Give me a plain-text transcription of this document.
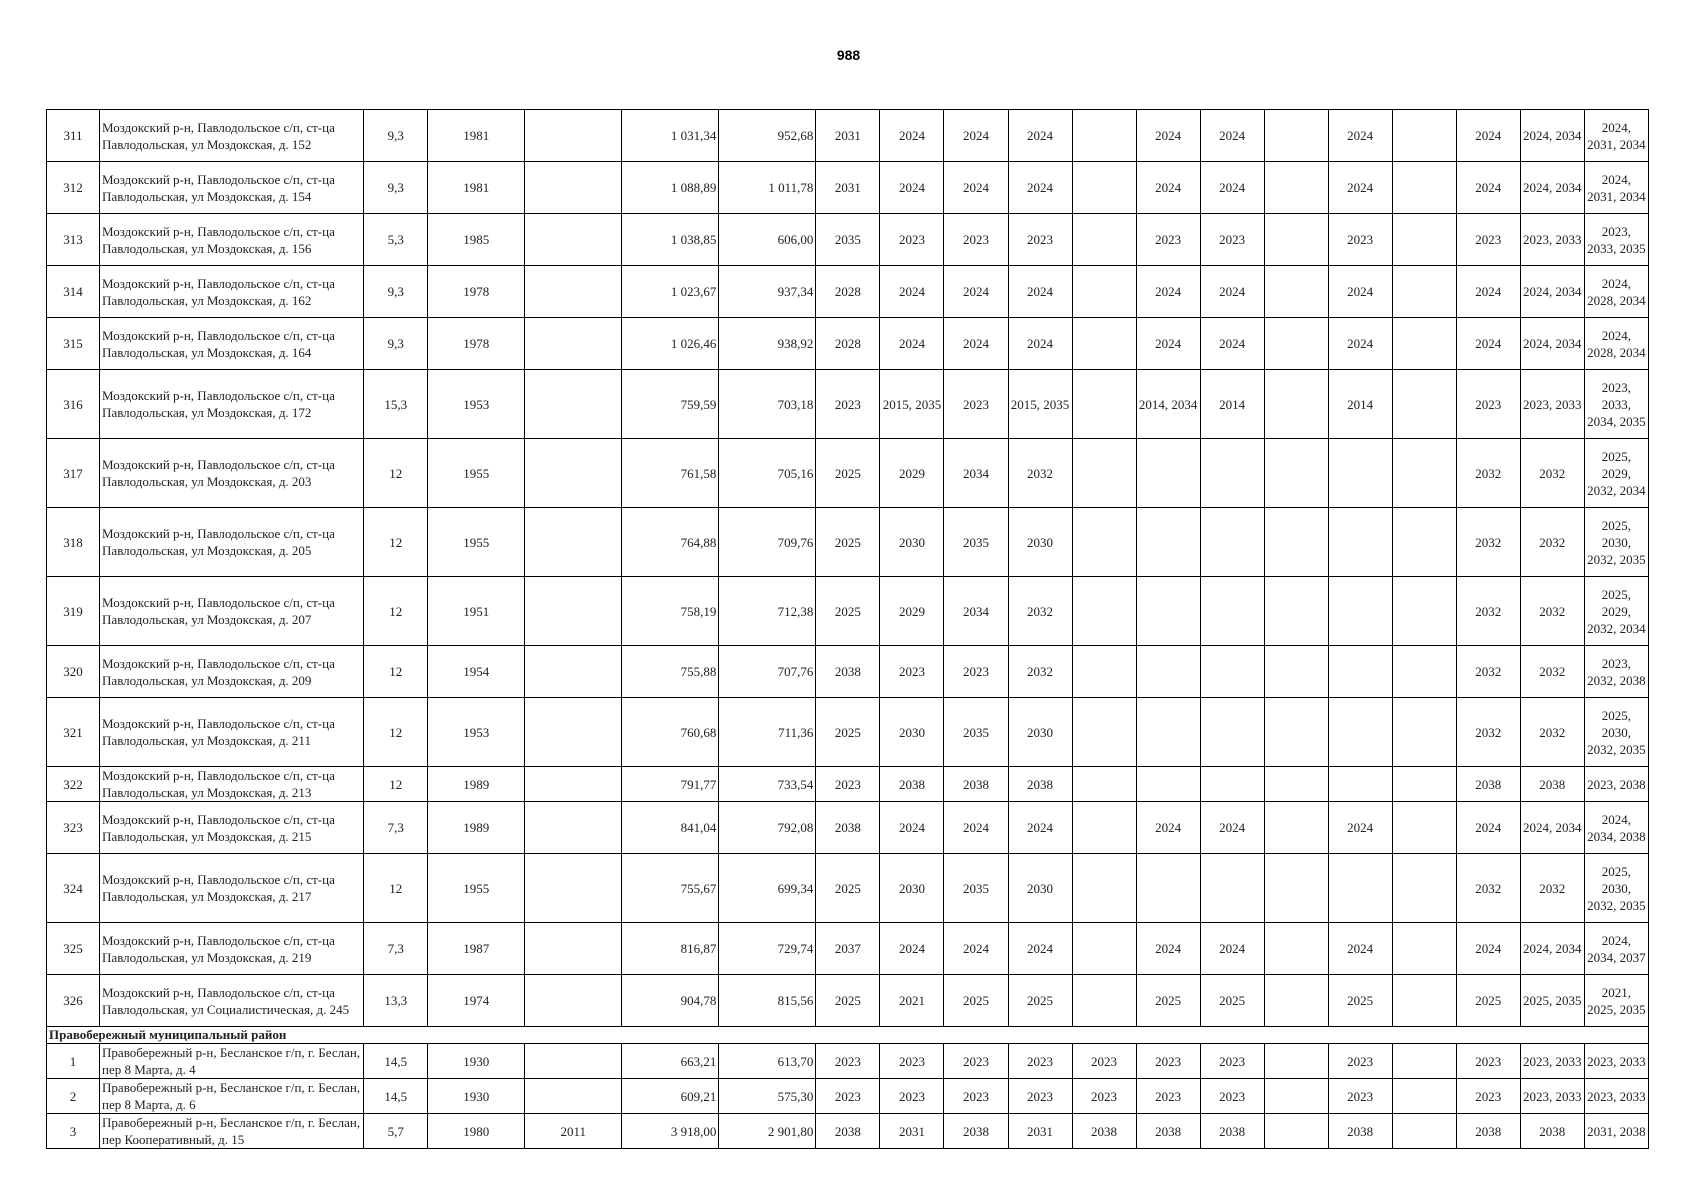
988
311	Моздокский р-н, Павлодольское с/п, ст-ца Павлодольская, ул Моздокская, д. 152	9,3	1981		1 031,34	952,68	2031	2024	2024	2024		2024	2024		2024		2024	2024, 2034	2024, 2031, 2034
312	Моздокский р-н, Павлодольское с/п, ст-ца Павлодольская, ул Моздокская, д. 154	9,3	1981		1 088,89	1 011,78	2031	2024	2024	2024		2024	2024		2024		2024	2024, 2034	2024, 2031, 2034
313	Моздокский р-н, Павлодольское с/п, ст-ца Павлодольская, ул Моздокская, д. 156	5,3	1985		1 038,85	606,00	2035	2023	2023	2023		2023	2023		2023		2023	2023, 2033	2023, 2033, 2035
314	Моздокский р-н, Павлодольское с/п, ст-ца Павлодольская, ул Моздокская, д. 162	9,3	1978		1 023,67	937,34	2028	2024	2024	2024		2024	2024		2024		2024	2024, 2034	2024, 2028, 2034
315	Моздокский р-н, Павлодольское с/п, ст-ца Павлодольская, ул Моздокская, д. 164	9,3	1978		1 026,46	938,92	2028	2024	2024	2024		2024	2024		2024		2024	2024, 2034	2024, 2028, 2034
316	Моздокский р-н, Павлодольское с/п, ст-ца Павлодольская, ул Моздокская, д. 172	15,3	1953		759,59	703,18	2023	2015, 2035	2023	2015, 2035		2014, 2034	2014		2014		2023	2023, 2033	2023, 2033, 2034, 2035
317	Моздокский р-н, Павлодольское с/п, ст-ца Павлодольская, ул Моздокская, д. 203	12	1955		761,58	705,16	2025	2029	2034	2032							2032	2032	2025, 2029, 2032, 2034
318	Моздокский р-н, Павлодольское с/п, ст-ца Павлодольская, ул Моздокская, д. 205	12	1955		764,88	709,76	2025	2030	2035	2030							2032	2032	2025, 2030, 2032, 2035
319	Моздокский р-н, Павлодольское с/п, ст-ца Павлодольская, ул Моздокская, д. 207	12	1951		758,19	712,38	2025	2029	2034	2032							2032	2032	2025, 2029, 2032, 2034
320	Моздокский р-н, Павлодольское с/п, ст-ца Павлодольская, ул Моздокская, д. 209	12	1954		755,88	707,76	2038	2023	2023	2032							2032	2032	2023, 2032, 2038
321	Моздокский р-н, Павлодольское с/п, ст-ца Павлодольская, ул Моздокская, д. 211	12	1953		760,68	711,36	2025	2030	2035	2030							2032	2032	2025, 2030, 2032, 2035
322	Моздокский р-н, Павлодольское с/п, ст-ца Павлодольская, ул Моздокская, д. 213	12	1989		791,77	733,54	2023	2038	2038	2038							2038	2038	2023, 2038
323	Моздокский р-н, Павлодольское с/п, ст-ца Павлодольская, ул Моздокская, д. 215	7,3	1989		841,04	792,08	2038	2024	2024	2024		2024	2024		2024		2024	2024, 2034	2024, 2034, 2038
324	Моздокский р-н, Павлодольское с/п, ст-ца Павлодольская, ул Моздокская, д. 217	12	1955		755,67	699,34	2025	2030	2035	2030							2032	2032	2025, 2030, 2032, 2035
325	Моздокский р-н, Павлодольское с/п, ст-ца Павлодольская, ул Моздокская, д. 219	7,3	1987		816,87	729,74	2037	2024	2024	2024		2024	2024		2024		2024	2024, 2034	2024, 2034, 2037
326	Моздокский р-н, Павлодольское с/п, ст-ца Павлодольская, ул Социалистическая, д. 245	13,3	1974		904,78	815,56	2025	2021	2025	2025		2025	2025		2025		2025	2025, 2035	2021, 2025, 2035
Правобережный муниципальный район																			
1	Правобережный р-н, Бесланское г/п, г. Беслан, пер 8 Марта, д. 4	14,5	1930		663,21	613,70	2023	2023	2023	2023	2023	2023	2023		2023		2023	2023, 2033	2023, 2033
2	Правобережный р-н, Бесланское г/п, г. Беслан, пер 8 Марта, д. 6	14,5	1930		609,21	575,30	2023	2023	2023	2023	2023	2023	2023		2023		2023	2023, 2033	2023, 2033
3	Правобережный р-н, Бесланское г/п, г. Беслан, пер Кооперативный, д. 15	5,7	1980	2011	3 918,00	2 901,80	2038	2031	2038	2031	2038	2038	2038		2038		2038	2038	2031, 2038
